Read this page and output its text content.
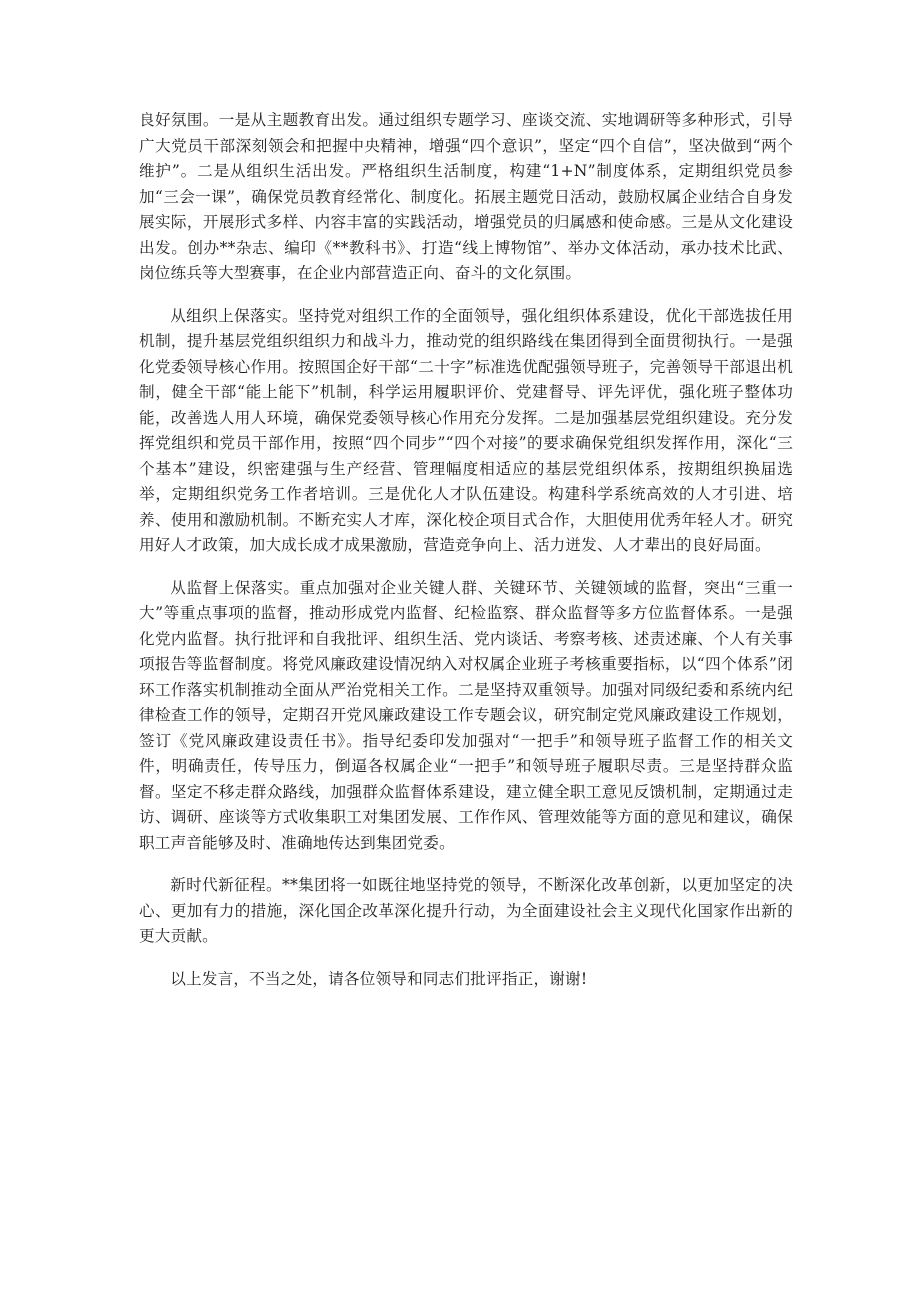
良好氛围。一是从主题教育出发。通过组织专题学习、座谈交流、实地调研等多种形式，引导广大党员干部深刻领会和把握中央精神，增强“四个意识”，坚定“四个自信”，坚决做到“两个维护”。二是从组织生活出发。严格组织生活制度，构建“1+N”制度体系，定期组织党员参加“三会一课”，确保党员教育经常化、制度化。拓展主题党日活动，鼓励权属企业结合自身发展实际，开展形式多样、内容丰富的实践活动，增强党员的归属感和使命感。三是从文化建设出发。创办**杂志、编印《**教科书》、打造“线上博物馆”、举办文体活动，承办技术比武、岗位练兵等大型赛事，在企业内部营造正向、奋斗的文化氛围。

从组织上保落实。坚持党对组织工作的全面领导，强化组织体系建设，优化干部选拔任用机制，提升基层党组织组织力和战斗力，推动党的组织路线在集团得到全面贯彻执行。一是强化党委领导核心作用。按照国企好干部“二十字”标准选优配强领导班子，完善领导干部退出机制，健全干部“能上能下”机制，科学运用履职评价、党建督导、评先评优，强化班子整体功能，改善选人用人环境，确保党委领导核心作用充分发挥。二是加强基层党组织建设。充分发挥党组织和党员干部作用，按照“四个同步”“四个对接”的要求确保党组织发挥作用，深化“三个基本”建设，织密建强与生产经营、管理幅度相适应的基层党组织体系，按期组织换届选举，定期组织党务工作者培训。三是优化人才队伍建设。构建科学系统高效的人才引进、培养、使用和激励机制。不断充实人才库，深化校企项目式合作，大胆使用优秀年轻人才。研究用好人才政策，加大成长成才成果激励，营造竞争向上、活力迸发、人才辈出的良好局面。

从监督上保落实。重点加强对企业关键人群、关键环节、关键领域的监督，突出“三重一大”等重点事项的监督，推动形成党内监督、纪检监察、群众监督等多方位监督体系。一是强化党内监督。执行批评和自我批评、组织生活、党内谈话、考察考核、述责述廉、个人有关事项报告等监督制度。将党风廉政建设情况纳入对权属企业班子考核重要指标，以“四个体系”闭环工作落实机制推动全面从严治党相关工作。二是坚持双重领导。加强对同级纪委和系统内纪律检查工作的领导，定期召开党风廉政建设工作专题会议，研究制定党风廉政建设工作规划，签订《党风廉政建设责任书》。指导纪委印发加强对“一把手”和领导班子监督工作的相关文件，明确责任，传导压力，倒逼各权属企业“一把手”和领导班子履职尽责。三是坚持群众监督。坚定不移走群众路线，加强群众监督体系建设，建立健全职工意见反馈机制，定期通过走访、调研、座谈等方式收集职工对集团发展、工作作风、管理效能等方面的意见和建议，确保职工声音能够及时、准确地传达到集团党委。

新时代新征程。**集团将一如既往地坚持党的领导，不断深化改革创新，以更加坚定的决心、更加有力的措施，深化国企改革深化提升行动，为全面建设社会主义现代化国家作出新的更大贡献。

以上发言，不当之处，请各位领导和同志们批评指正，谢谢!
